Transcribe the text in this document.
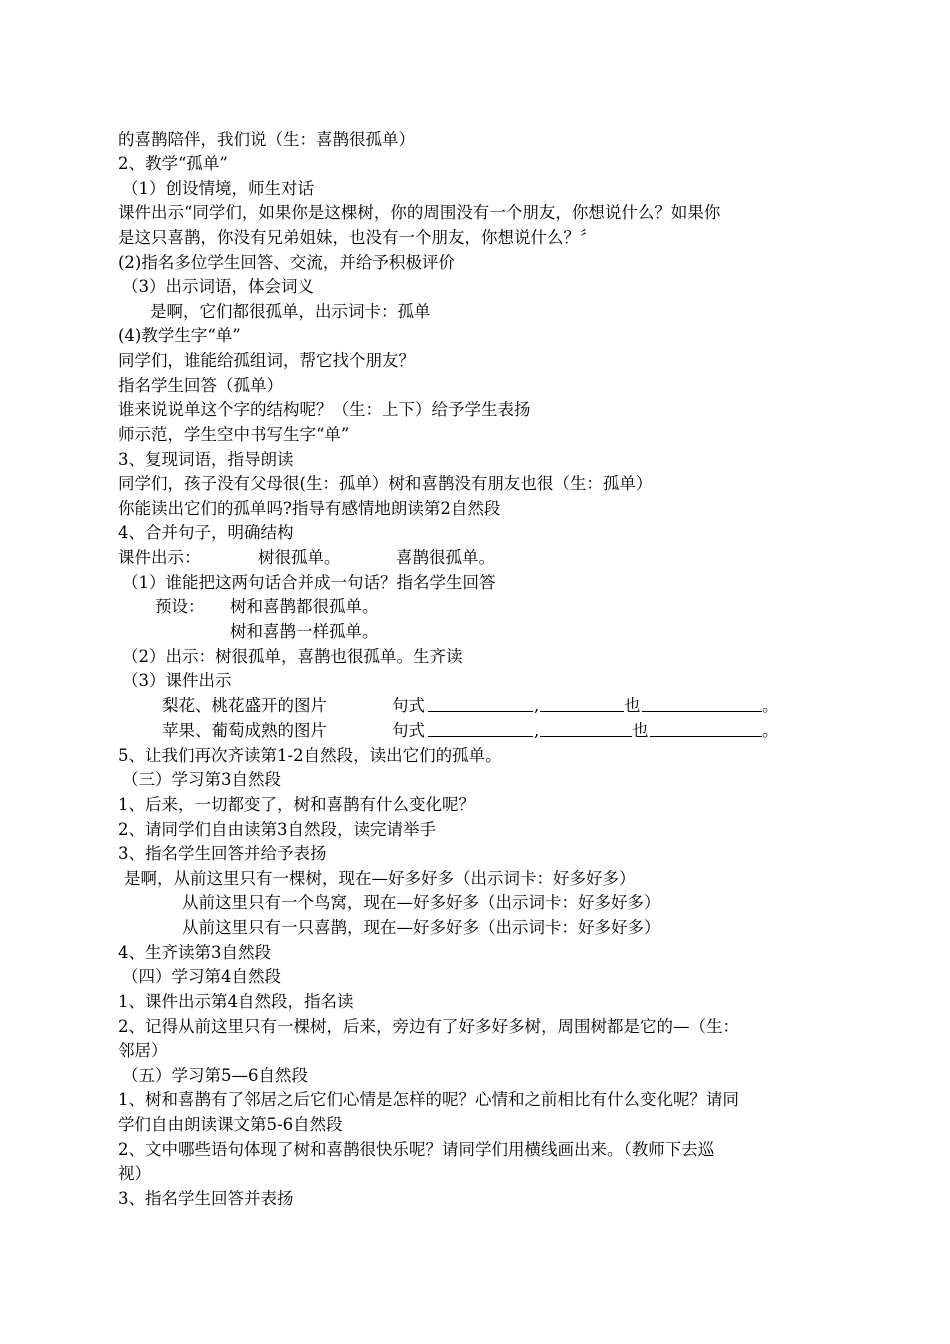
的喜鹊陪伴，我们说（生：喜鹊很孤单）
2、教学“孤单”
（1）创设情境，师生对话
课件出示“同学们，如果你是这棵树，你的周围没有一个朋友，你想说什么？如果你
是这只喜鹊，你没有兄弟姐妹，也没有一个朋友，你想说什么？〞
(2)指名多位学生回答、交流，并给予积极评价
（3）出示词语，体会词义
是啊，它们都很孤单，出示词卡：孤单
(4)教学生字“单”
同学们，谁能给孤组词，帮它找个朋友？
指名学生回答（孤单）
谁来说说单这个字的结构呢？（生：上下）给予学生表扬
师示范，学生空中书写生字“单”
3、复现词语，指导朗读
同学们，孩子没有父母很(生：孤单）树和喜鹊没有朋友也很（生：孤单）
你能读出它们的孤单吗?指导有感情地朗读第2自然段
4、合并句子，明确结构
课件出示：	树很孤单。	喜鹊很孤单。
（1）谁能把这两句话合并成一句话？指名学生回答
预设： 树和喜鹊都很孤单。
树和喜鹊一样孤单。
（2）出示：树很孤单，喜鹊也很孤单。生齐读
（3）课件出示
梨花、桃花盛开的图片	句式	,	也	。
苹果、葡萄成熟的图片	句式	,	也	。
5、让我们再次齐读第1-2自然段，读出它们的孤单。
（三）学习第3自然段
1、后来，一切都变了，树和喜鹊有什么变化呢？
2、请同学们自由读第3自然段，读完请举手
3、指名学生回答并给予表扬
是啊，从前这里只有一棵树，现在—好多好多（出示词卡：好多好多）
从前这里只有一个鸟窝，现在—好多好多（出示词卡：好多好多）
从前这里只有一只喜鹊，现在—好多好多（出示词卡：好多好多）
4、生齐读第3自然段
（四）学习第4自然段
1、课件出示第4自然段，指名读
2、记得从前这里只有一棵树，后来，旁边有了好多好多树，周围树都是它的—（生：
邻居）
（五）学习第5—6自然段
1、树和喜鹊有了邻居之后它们心情是怎样的呢？心情和之前相比有什么变化呢？请同
学们自由朗读课文第5-6自然段
2、文中哪些语句体现了树和喜鹊很快乐呢？请同学们用横线画出来。（教师下去巡
视）
3、指名学生回答并表扬
